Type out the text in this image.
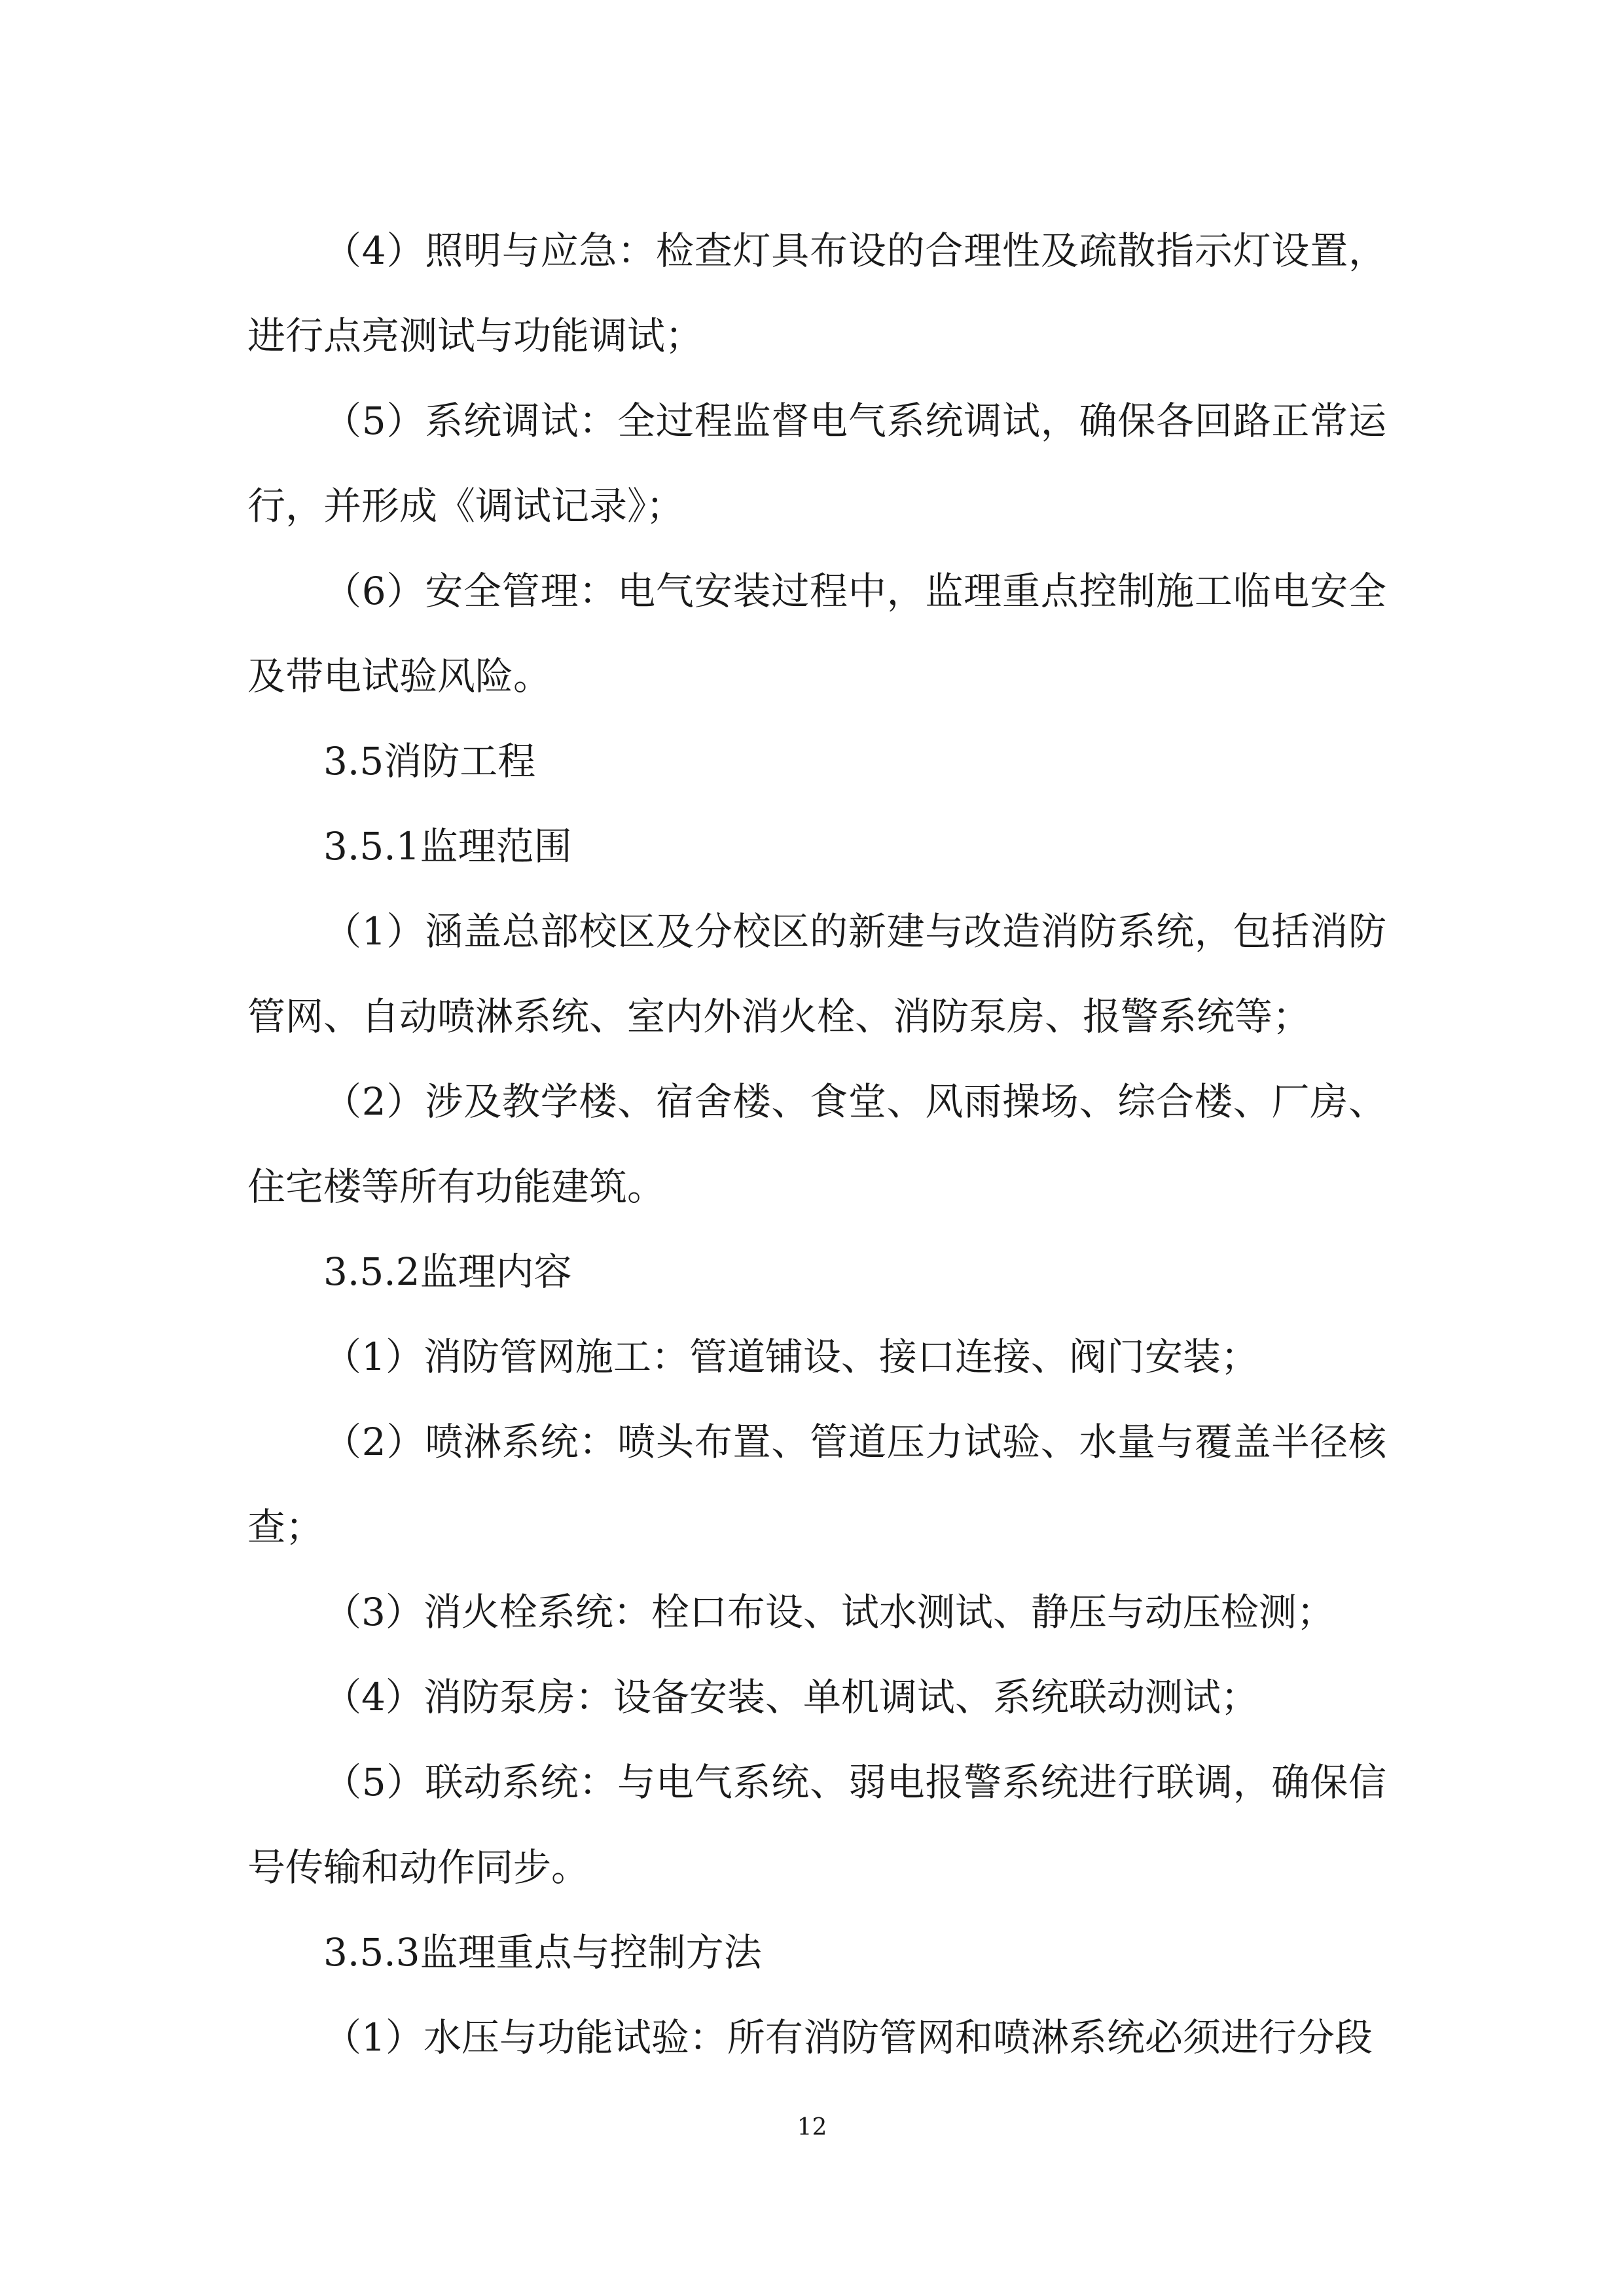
（4）照明与应急：检查灯具布设的合理性及疏散指示灯设置，进行点亮测试与功能调试；

（5）系统调试：全过程监督电气系统调试，确保各回路正常运行，并形成《调试记录》；

（6）安全管理：电气安装过程中，监理重点控制施工临电安全及带电试验风险。

3.5消防工程

3.5.1监理范围

（1）涵盖总部校区及分校区的新建与改造消防系统，包括消防管网、自动喷淋系统、室内外消火栓、消防泵房、报警系统等；

（2）涉及教学楼、宿舍楼、食堂、风雨操场、综合楼、厂房、住宅楼等所有功能建筑。

3.5.2监理内容

（1）消防管网施工：管道铺设、接口连接、阀门安装；

（2）喷淋系统：喷头布置、管道压力试验、水量与覆盖半径核查；

（3）消火栓系统：栓口布设、试水测试、静压与动压检测；

（4）消防泵房：设备安装、单机调试、系统联动测试；

（5）联动系统：与电气系统、弱电报警系统进行联调，确保信号传输和动作同步。

3.5.3监理重点与控制方法

（1）水压与功能试验：所有消防管网和喷淋系统必须进行分段

12
